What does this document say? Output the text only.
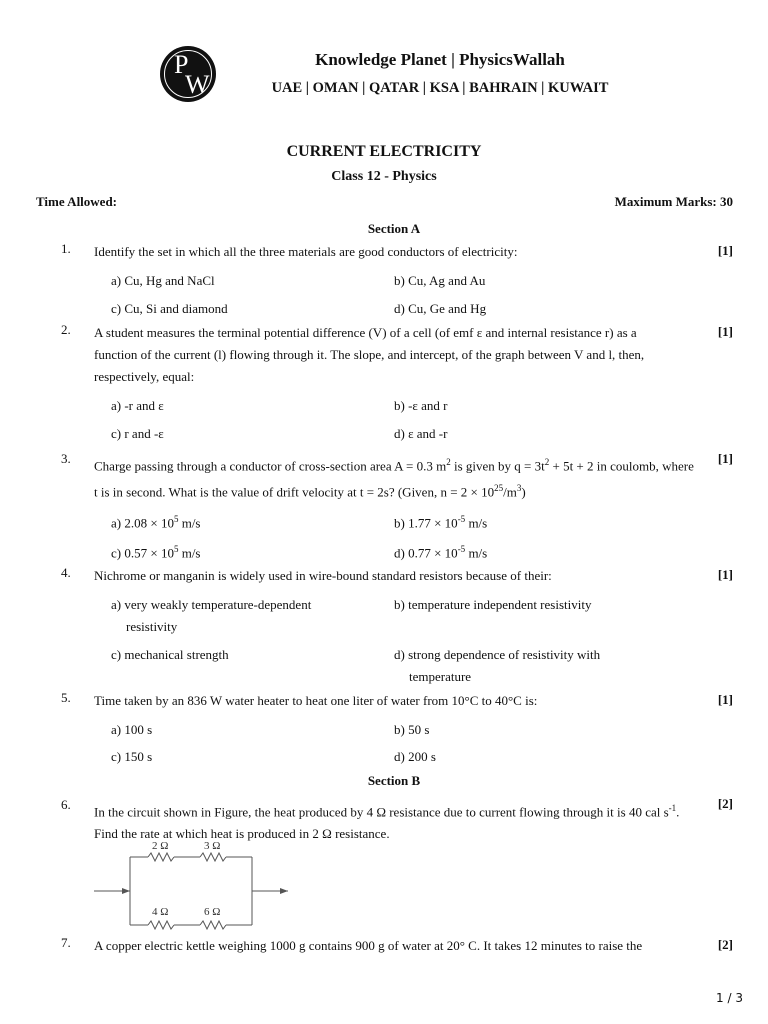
P
W
Knowledge Planet | PhysicsWallah
UAE | OMAN | QATAR | KSA | BAHRAIN | KUWAIT
CURRENT ELECTRICITY
Class 12 - Physics
Time Allowed:	Maximum Marks: 30
Section A
1. Identify the set in which all the three materials are good conductors of electricity:	[1]
a) Cu, Hg and NaCl	b) Cu, Ag and Au
c) Cu, Si and diamond	d) Cu, Ge and Hg
2. A student measures the terminal potential difference (V) of a cell (of emf ε and internal resistance r) as a function of the current (l) flowing through it. The slope, and intercept, of the graph between V and l, then, respectively, equal:
[1]
a) -r and ε	b) -ε and r
c) r and -ε	d) ε and -r
3. Charge passing through a conductor of cross-section area A = 0.3 $m^2$ is given by $q = 3t^2 + 5t + 2$ in coulomb, where t is in second. What is the value of drift velocity at t = 2s? (Given, $n = 2 \times 10^{25}/m^3$)
[1]
a) $2.08 \times 10^5$ m/s	b) $1.77 \times 10^{-5}$ m/s
c) $0.57 \times 10^5$ m/s	d) $0.77 \times 10^{-5}$ m/s
4. Nichrome or manganin is widely used in wire-bound standard resistors because of their:	[1]
a) very weakly temperature-dependent
resistivity
b) temperature independent resistivity
c) mechanical strength	d) strong dependence of resistivity with
temperature
5. Time taken by an 836 W water heater to heat one liter of water from 10°C to 40°C is:	[1]
a) 100 s	b) 50 s
c) 150 s	d) 200 s
Section B
6. In the circuit shown in Figure, the heat produced by 4 Ω resistance due to current flowing through it is 40 cal $s^{-1}$.
Find the rate at which heat is produced in 2 Ω resistance.
[2]
2 Ω	3 Ω
4 Ω	6 Ω
7. A copper electric kettle weighing 1000 g contains 900 g of water at 20° C. It takes 12 minutes to raise the	[2]
1 / 3
